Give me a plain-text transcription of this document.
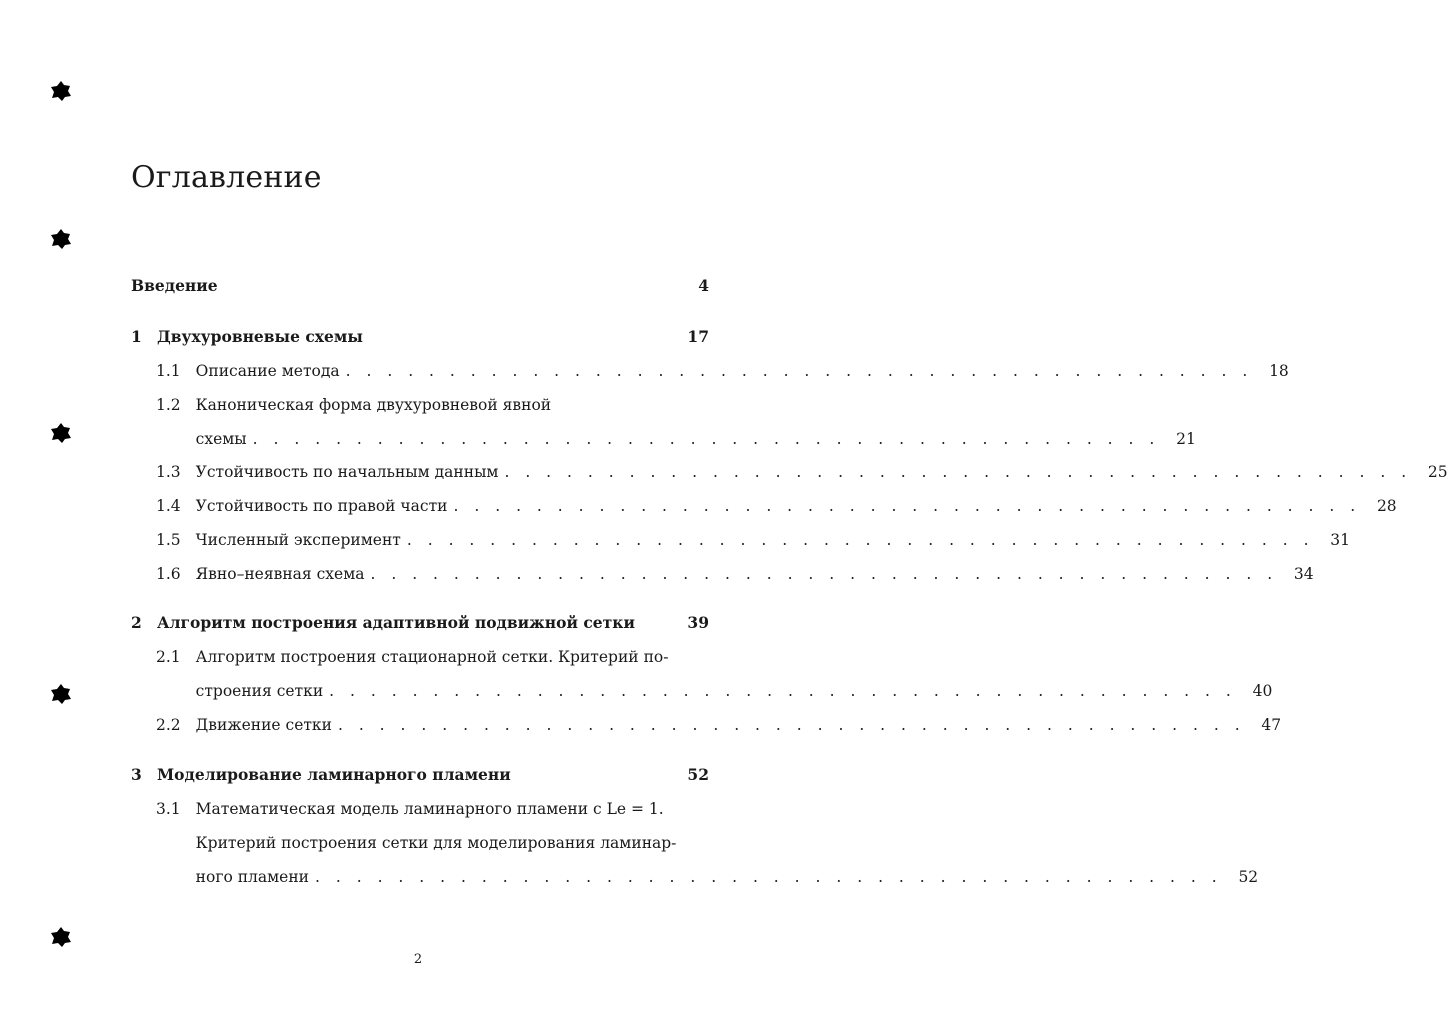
Оглавление
Введение	4
1 Двухуровневые схемы	17
1.1 Описание метода . . . . . . . . . . . . . . . . . . . . . . . . . . . . . . . . . . . . . . . . . . . .	18
1.2 Каноническая форма двухуровневой явной
схемы . . . . . . . . . . . . . . . . . . . . . . . . . . . . . . . . . . . . . . . . . . . .	21
1.3 Устойчивость по начальным данным . . . . . . . . . . . . . . . . . . . . . . . . . . . . . . . . . . . . . . . . . . . .	25
1.4 Устойчивость по правой части . . . . . . . . . . . . . . . . . . . . . . . . . . . . . . . . . . . . . . . . . . . .	28
1.5 Численный эксперимент . . . . . . . . . . . . . . . . . . . . . . . . . . . . . . . . . . . . . . . . . . . .	31
1.6 Явно–неявная схема . . . . . . . . . . . . . . . . . . . . . . . . . . . . . . . . . . . . . . . . . . . .	34
2 Алгоритм построения адаптивной подвижной сетки	39
2.1 Алгоритм построения стационарной сетки. Критерий по-
строения сетки . . . . . . . . . . . . . . . . . . . . . . . . . . . . . . . . . . . . . . . . . . . .	40
2.2 Движение сетки . . . . . . . . . . . . . . . . . . . . . . . . . . . . . . . . . . . . . . . . . . . .	47
3 Моделирование ламинарного пламени	52
3.1 Математическая модель ламинарного пламени с Le = 1.
Критерий построения сетки для моделирования ламинар-
ного пламени . . . . . . . . . . . . . . . . . . . . . . . . . . . . . . . . . . . . . . . . . . . .	52
2
